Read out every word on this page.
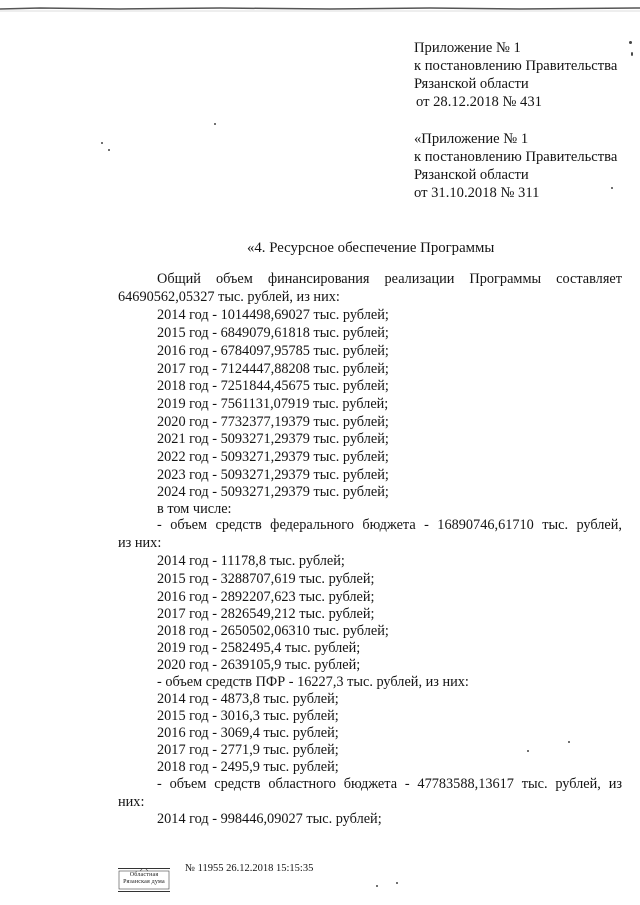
Приложение № 1
к постановлению Правительства
Рязанской области
от 28.12.2018 № 431
«Приложение № 1
к постановлению Правительства
Рязанской области
от 31.10.2018 № 311
«4. Ресурсное обеспечение Программы
Общий объем финансирования реализации Программы составляет
64690562,05327 тыс. рублей, из них:
2014 год - 1014498,69027 тыс. рублей;
2015 год - 6849079,61818 тыс. рублей;
2016 год - 6784097,95785 тыс. рублей;
2017 год - 7124447,88208 тыс. рублей;
2018 год - 7251844,45675 тыс. рублей;
2019 год - 7561131,07919 тыс. рублей;
2020 год - 7732377,19379 тыс. рублей;
2021 год - 5093271,29379 тыс. рублей;
2022 год - 5093271,29379 тыс. рублей;
2023 год - 5093271,29379 тыс. рублей;
2024 год - 5093271,29379 тыс. рублей;
в том числе:
- объем средств федерального бюджета - 16890746,61710 тыс. рублей,
из них:
2014 год - 11178,8 тыс. рублей;
2015 год - 3288707,619 тыс. рублей;
2016 год - 2892207,623 тыс. рублей;
2017 год - 2826549,212 тыс. рублей;
2018 год - 2650502,06310 тыс. рублей;
2019 год - 2582495,4 тыс. рублей;
2020 год - 2639105,9 тыс. рублей;
- объем средств ПФР - 16227,3 тыс. рублей, из них:
2014 год - 4873,8 тыс. рублей;
2015 год - 3016,3 тыс. рублей;
2016 год - 3069,4 тыс. рублей;
2017 год - 2771,9 тыс. рублей;
2018 год - 2495,9 тыс. рублей;
- объем средств областного бюджета - 47783588,13617 тыс. рублей, из
них:
2014 год - 998446,09027 тыс. рублей;
Областная Рязанская дума
№ 11955 26.12.2018 15:15:35
